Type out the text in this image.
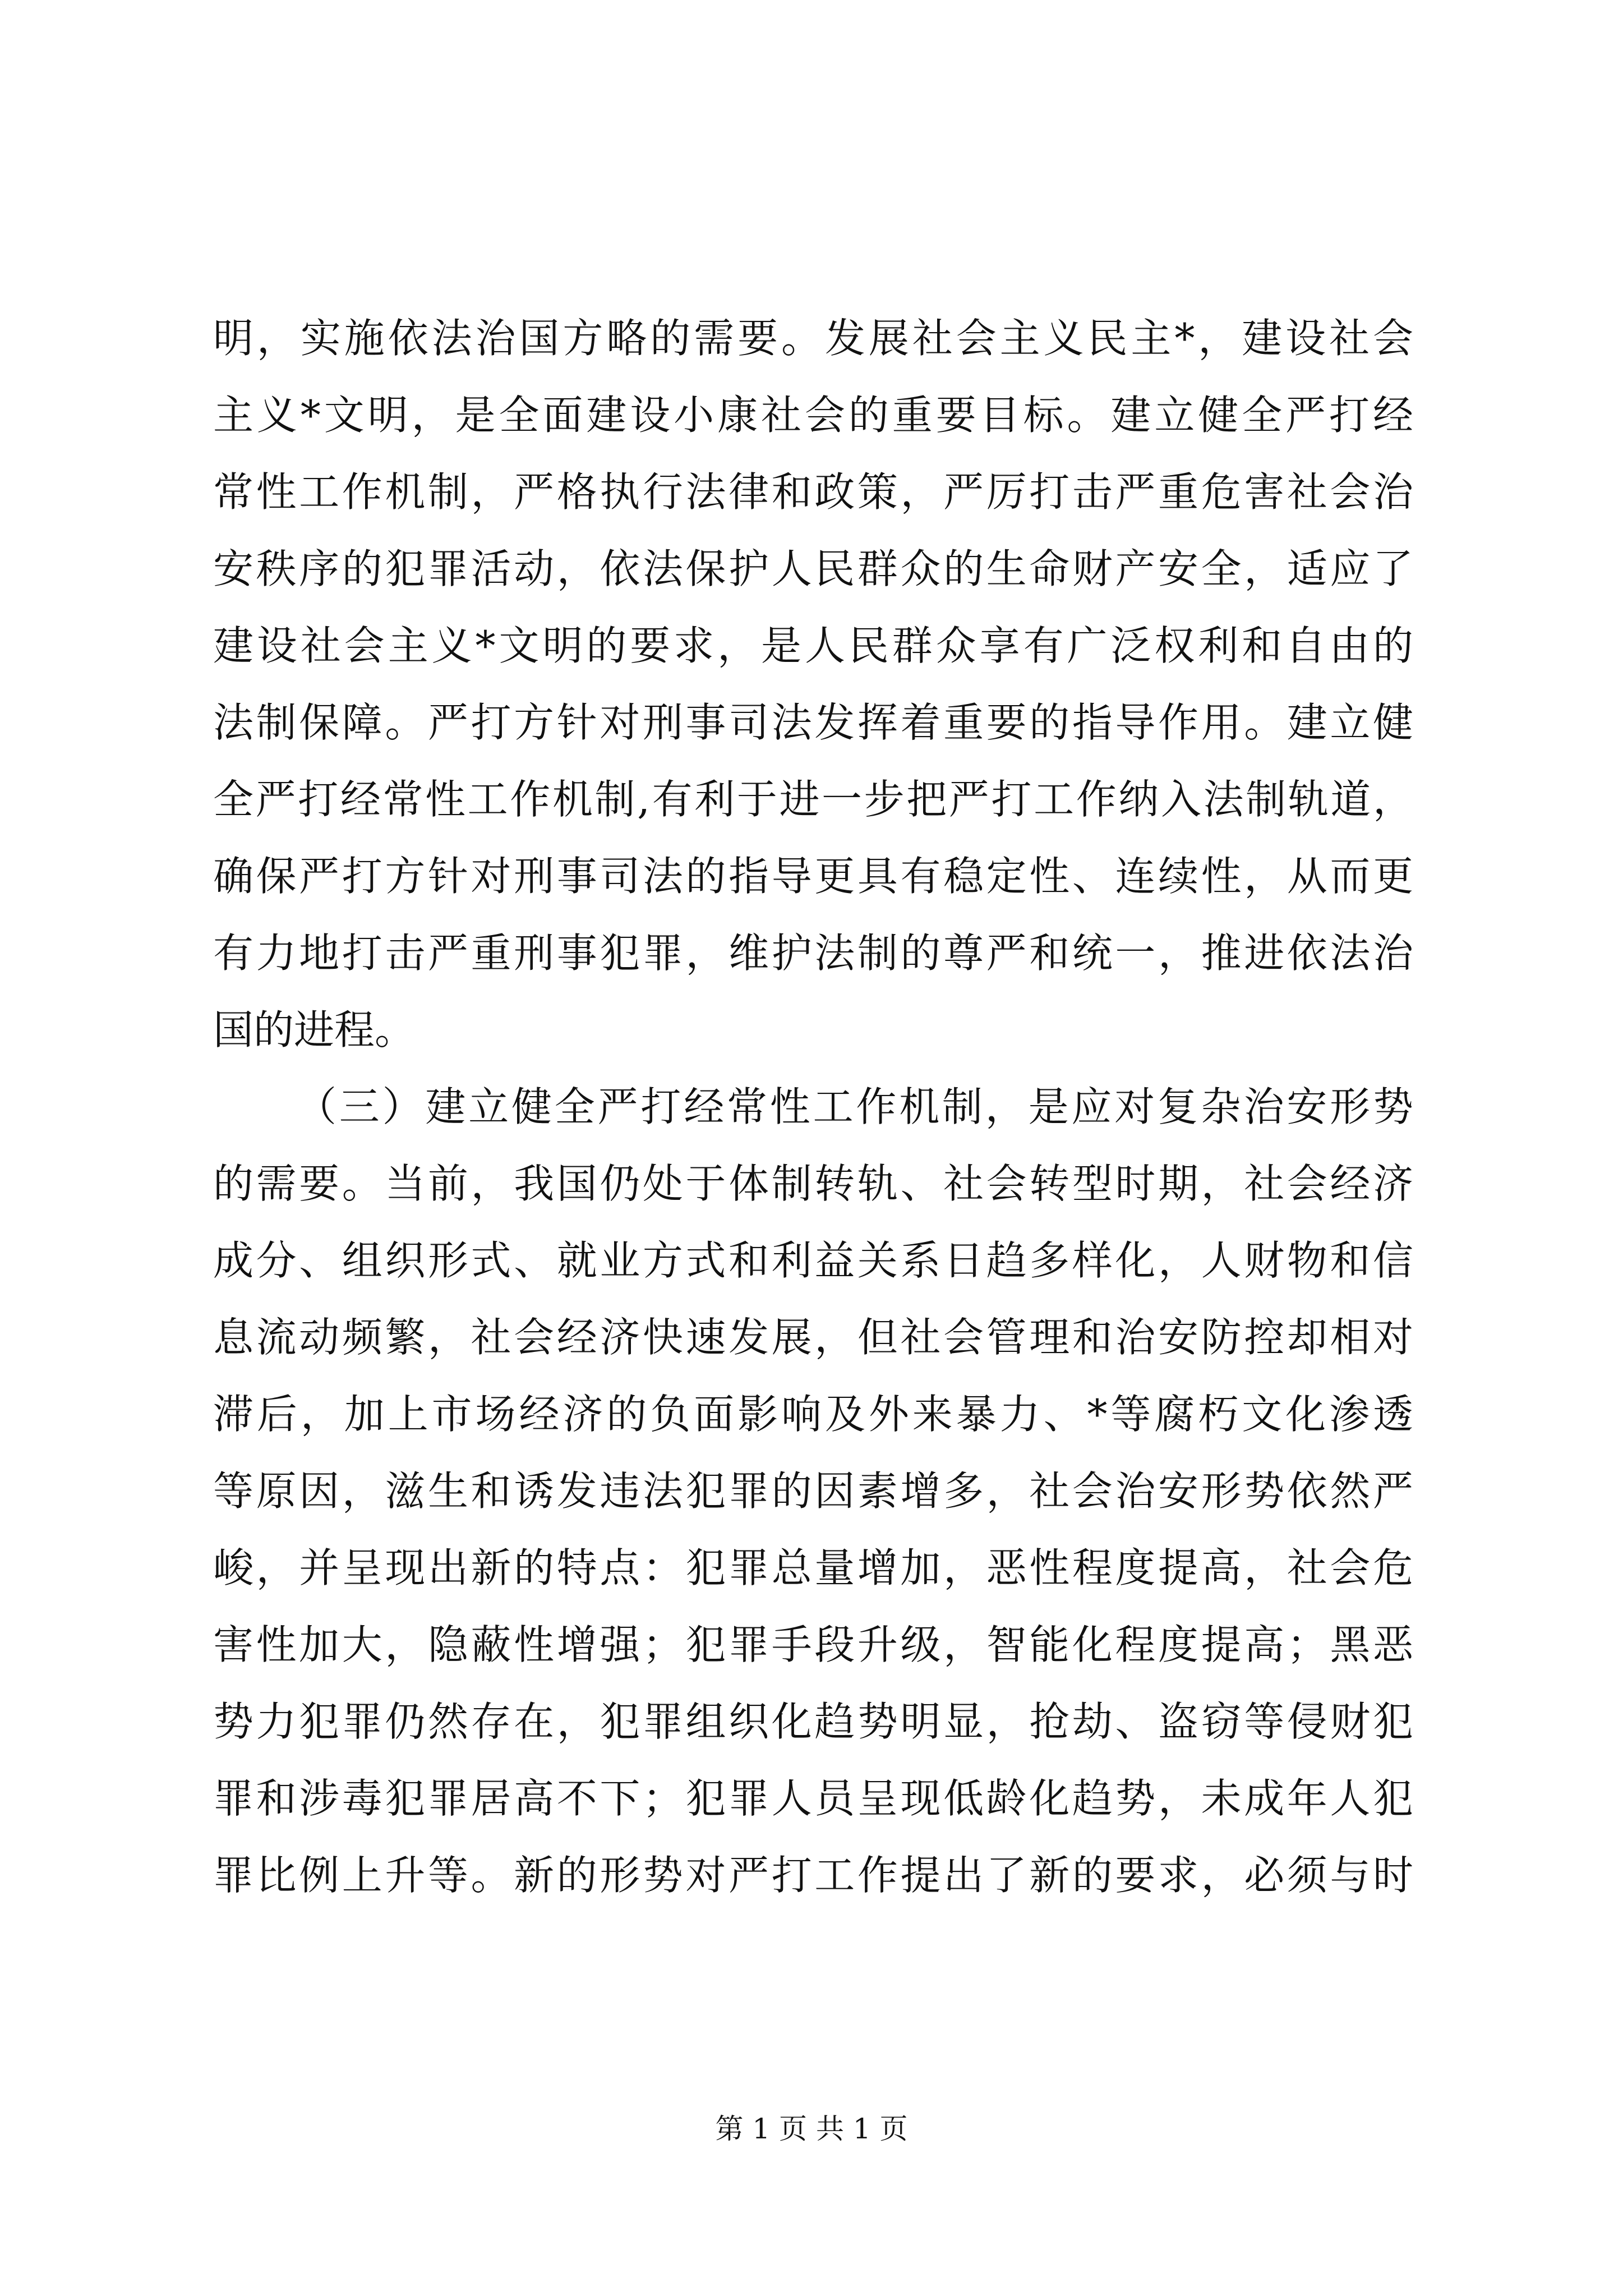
明，实施依法治国方略的需要。发展社会主义民主*，建设社会
主义*文明，是全面建设小康社会的重要目标。建立健全严打经
常性工作机制，严格执行法律和政策，严厉打击严重危害社会治
安秩序的犯罪活动，依法保护人民群众的生命财产安全，适应了
建设社会主义*文明的要求，是人民群众享有广泛权利和自由的
法制保障。严打方针对刑事司法发挥着重要的指导作用。建立健
全严打经常性工作机制,有利于进一步把严打工作纳入法制轨道，
确保严打方针对刑事司法的指导更具有稳定性、连续性，从而更
有力地打击严重刑事犯罪，维护法制的尊严和统一，推进依法治
国的进程。
（三）建立健全严打经常性工作机制，是应对复杂治安形势
的需要。当前，我国仍处于体制转轨、社会转型时期，社会经济
成分、组织形式、就业方式和利益关系日趋多样化，人财物和信
息流动频繁，社会经济快速发展，但社会管理和治安防控却相对
滞后，加上市场经济的负面影响及外来暴力、*等腐朽文化渗透
等原因，滋生和诱发违法犯罪的因素增多，社会治安形势依然严
峻，并呈现出新的特点：犯罪总量增加，恶性程度提高，社会危
害性加大，隐蔽性增强；犯罪手段升级，智能化程度提高；黑恶
势力犯罪仍然存在，犯罪组织化趋势明显，抢劫、盗窃等侵财犯
罪和涉毒犯罪居高不下；犯罪人员呈现低龄化趋势，未成年人犯
罪比例上升等。新的形势对严打工作提出了新的要求，必须与时
第 1 页 共 1 页
